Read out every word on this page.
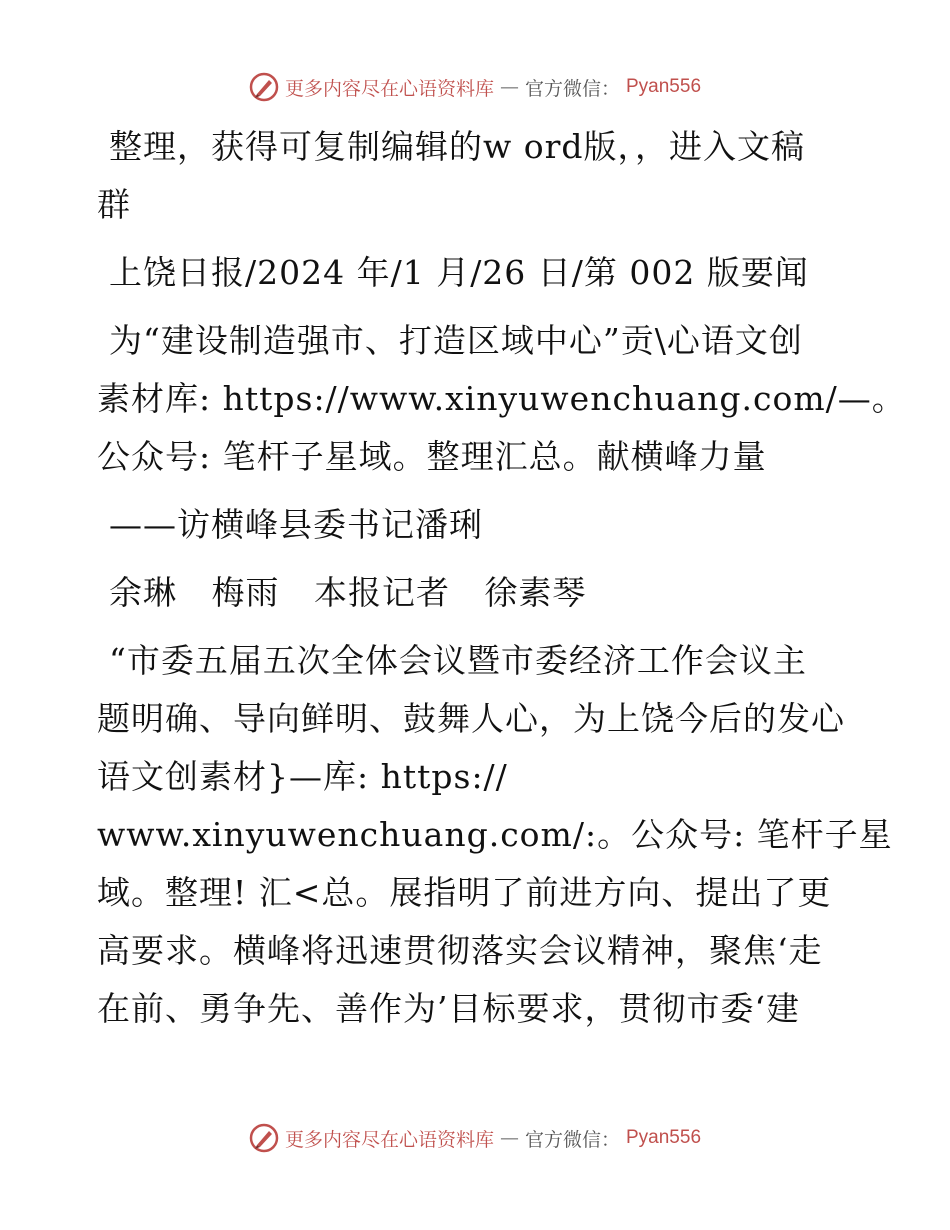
更多内容尽在心语资料库 — 官方微信： Pyan556
整理，获得可复制编辑的w ord版，，进入文稿
群
上饶日报/2024 年/1 月/26 日/第 002 版要闻
为“建设制造强市、打造区域中心”贡\心语文创
素材库: https://www.xinyuwenchuang.com/—。
公众号: 笔杆子星域。整理汇总。献横峰力量
——访横峰县委书记潘琍
余琳   梅雨   本报记者   徐素琴
“市委五届五次全体会议暨市委经济工作会议主
题明确、导向鲜明、鼓舞人心，为上饶今后的发心
语文创素材}—库: https://
www.xinyuwenchuang.com/:。公众号: 笔杆子星
域。整理! 汇<总。展指明了前进方向、提出了更
高要求。横峰将迅速贯彻落实会议精神，聚焦‘走
在前、勇争先、善作为’目标要求，贯彻市委‘建
更多内容尽在心语资料库 — 官方微信： Pyan556
